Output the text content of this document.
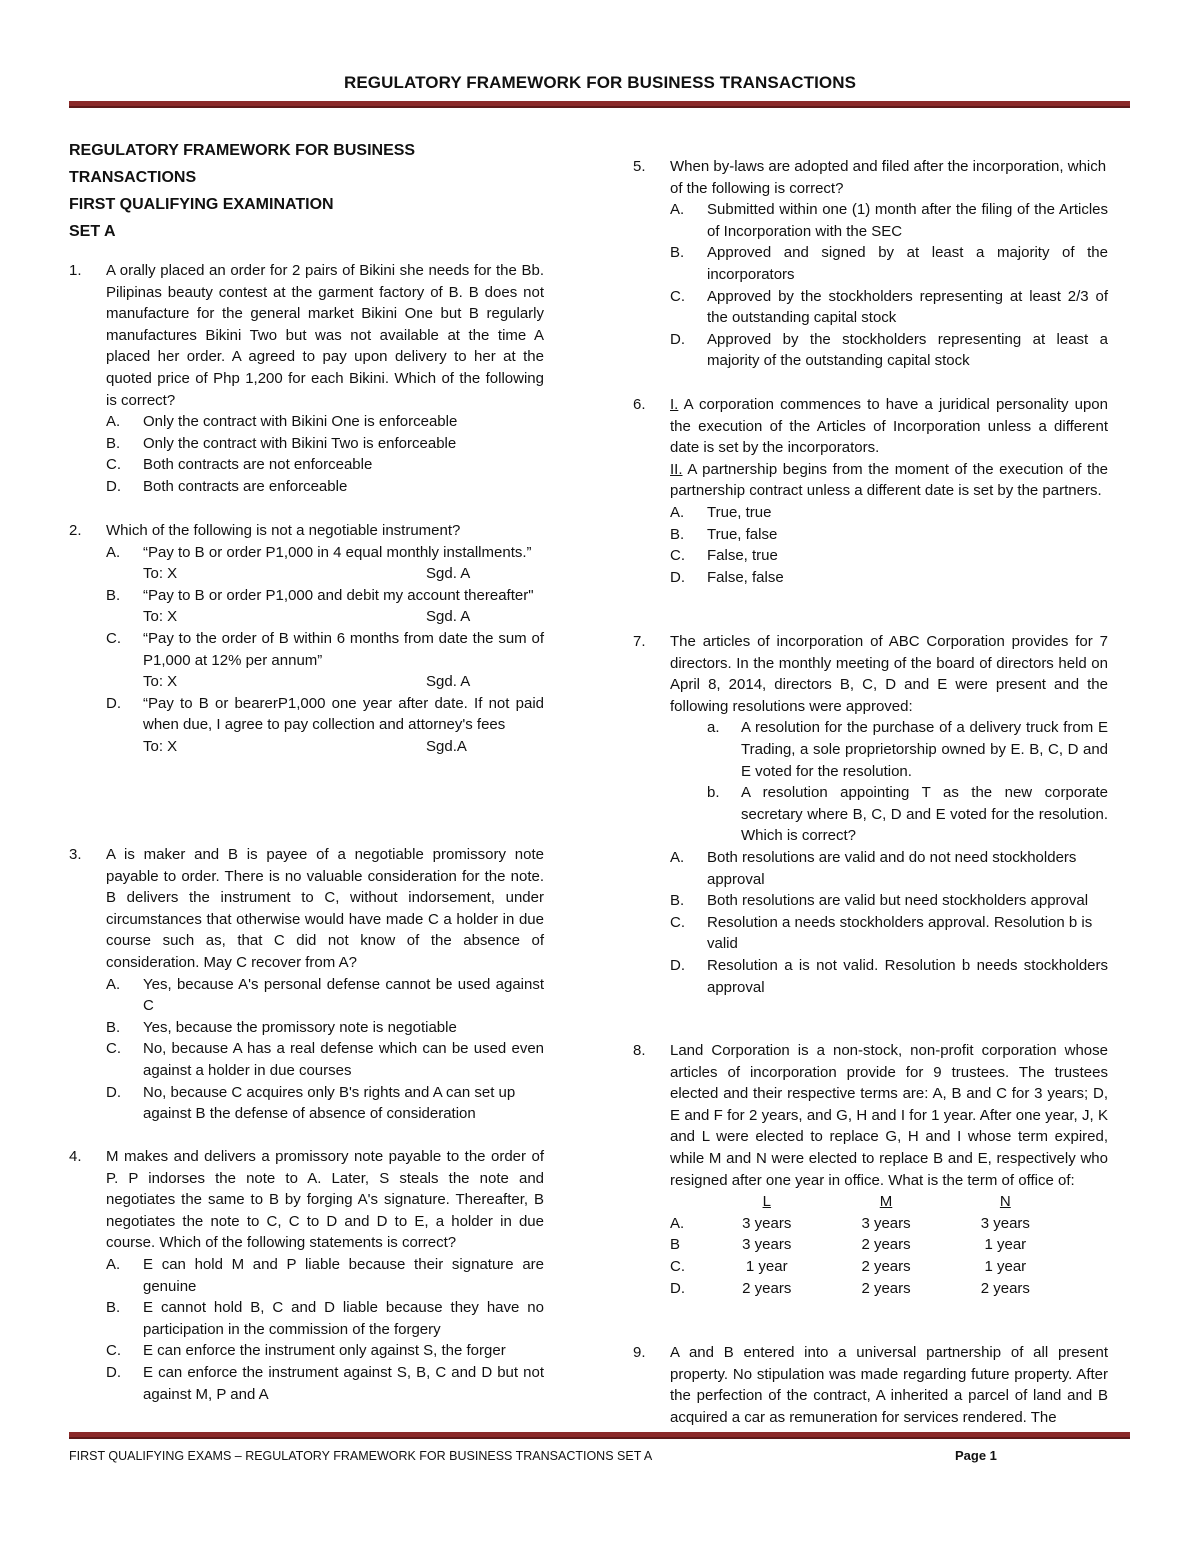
REGULATORY FRAMEWORK FOR BUSINESS TRANSACTIONS
REGULATORY FRAMEWORK FOR BUSINESS
TRANSACTIONS
FIRST QUALIFYING EXAMINATION
SET A
1.	A orally placed an order for 2 pairs of Bikini she needs for the Bb. Pilipinas beauty contest at the garment factory of B. B does not manufacture for the general market Bikini One but B regularly manufactures Bikini Two but was not available at the time A placed her order. A agreed to pay upon delivery to her at the quoted price of Php 1,200 for each Bikini. Which of the following is correct?
A.	Only the contract with Bikini One is enforceable
B.	Only the contract with Bikini Two is enforceable
C.	Both contracts are not enforceable
D.	Both contracts are enforceable
2.	Which of the following is not a negotiable instrument?
A.	“Pay to B or order P1,000 in 4 equal monthly installments.”
To: X	Sgd. A
B.	“Pay to B or order P1,000 and debit my account thereafter"
To: X	Sgd. A
C.	“Pay to the order of B within 6 months from date the sum of P1,000 at 12% per annum”
To: X	Sgd. A
D.	“Pay to B or bearerP1,000 one year after date. If not paid when due, I agree to pay collection and attorney's fees
To: X	Sgd.A
3.	A is maker and B is payee of a negotiable promissory note payable to order. There is no valuable consideration for the note. B delivers the instrument to C, without indorsement, under circumstances that otherwise would have made C a holder in due course such as, that C did not know of the absence of consideration. May C recover from A?
A.	Yes, because A's personal defense cannot be used against C
B.	Yes, because the promissory note is negotiable
C.	No, because A has a real defense which can be used even against a holder in due courses
D.	No, because C acquires only B's rights and A can set up against B the defense of absence of consideration
4.	M makes and delivers a promissory note payable to the order of P. P indorses the note to A. Later, S steals the note and negotiates the same to B by forging A's signature. Thereafter, B negotiates the note to C, C to D and D to E, a holder in due course. Which of the following statements is correct?
A.	E can hold M and P liable because their signature are genuine
B.	E cannot hold B, C and D liable because they have no participation in the commission of the forgery
C.	E can enforce the instrument only against S, the forger
D.	E can enforce the instrument against S, B, C and D but not against M, P and A
5.	When by-laws are adopted and filed after the incorporation, which of the following is correct?
A.	Submitted within one (1) month after the filing of the Articles of Incorporation with the SEC
B.	Approved and signed by at least a majority of the incorporators
C.	Approved by the stockholders representing at least 2/3 of the outstanding capital stock
D.	Approved by the stockholders representing at least a majority of the outstanding capital stock
6.	I. A corporation commences to have a juridical personality upon the execution of the Articles of Incorporation unless a different date is set by the incorporators.
II. A partnership begins from the moment of the execution of the partnership contract unless a different date is set by the partners.
A.	True, true
B.	True, false
C.	False, true
D.	False, false
7.	The articles of incorporation of ABC Corporation provides for 7 directors. In the monthly meeting of the board of directors held on April 8, 2014, directors B, C, D and E were present and the following resolutions were approved:
a.	A resolution for the purchase of a delivery truck from E Trading, a sole proprietorship owned by E. B, C, D and E voted for the resolution.
b.	A resolution appointing T as the new corporate secretary where B, C, D and E voted for the resolution. Which is correct?
A.	Both resolutions are valid and do not need stockholders approval
B.	Both resolutions are valid but need stockholders approval
C.	Resolution a needs stockholders approval. Resolution b is valid
D.	Resolution a is not valid. Resolution b needs stockholders approval
8.	Land Corporation is a non-stock, non-profit corporation whose articles of incorporation provide for 9 trustees. The trustees elected and their respective terms are: A, B and C for 3 years; D, E and F for 2 years, and G, H and I for 1 year. After one year, J, K and L were elected to replace G, H and I whose term expired, while M and N were elected to replace B and E, respectively who resigned after one year in office. What is the term of office of:
	L	M	N
A.	3 years	3 years	3 years
B	3 years	2 years	1 year
C.	1 year	2 years	1 year
D.	2 years	2 years	2 years
9.	A and B entered into a universal partnership of all present property. No stipulation was made regarding future property. After the perfection of the contract, A inherited a parcel of land and B acquired a car as remuneration for services rendered. The
FIRST QUALIFYING EXAMS – REGULATORY FRAMEWORK FOR BUSINESS TRANSACTIONS SET A	Page 1
